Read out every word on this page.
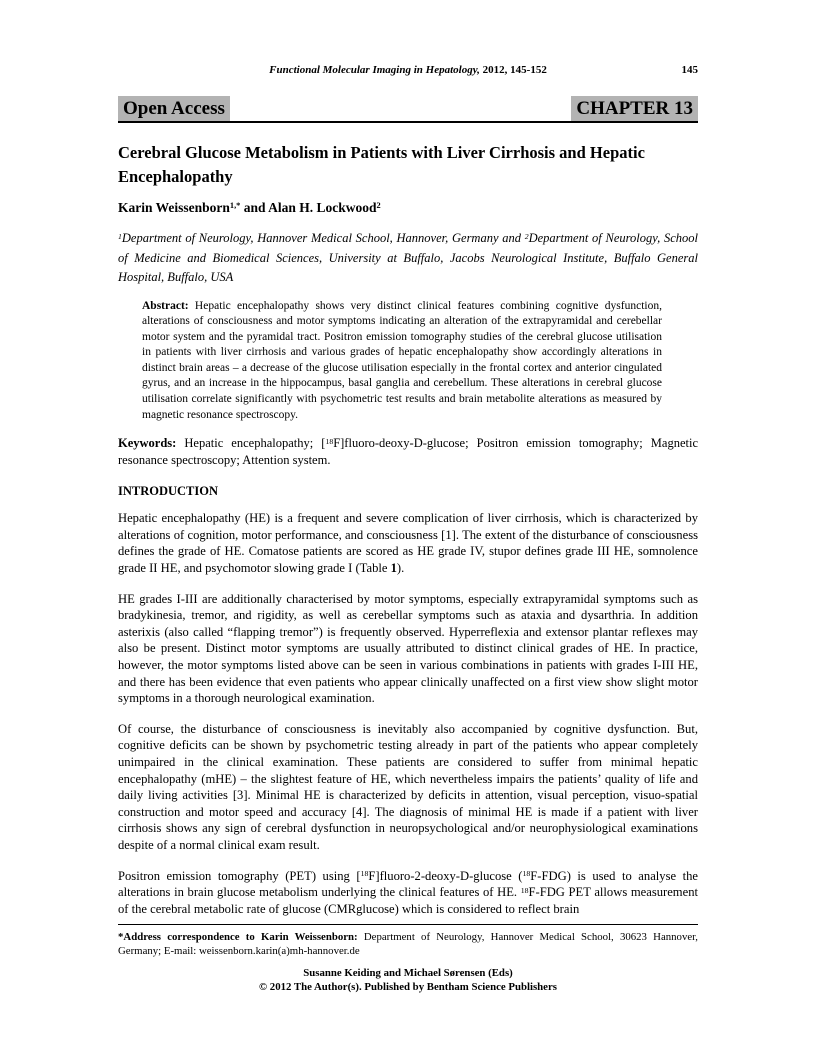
Functional Molecular Imaging in Hepatology, 2012, 145-152	145
Open Access	CHAPTER 13
Cerebral Glucose Metabolism in Patients with Liver Cirrhosis and Hepatic Encephalopathy
Karin Weissenborn$^{1,*}$ and Alan H. Lockwood$^2$
$^1$Department of Neurology, Hannover Medical School, Hannover, Germany and $^2$Department of Neurology, School of Medicine and Biomedical Sciences, University at Buffalo, Jacobs Neurological Institute, Buffalo General Hospital, Buffalo, USA
Abstract: Hepatic encephalopathy shows very distinct clinical features combining cognitive dysfunction, alterations of consciousness and motor symptoms indicating an alteration of the extrapyramidal and cerebellar motor system and the pyramidal tract. Positron emission tomography studies of the cerebral glucose utilisation in patients with liver cirrhosis and various grades of hepatic encephalopathy show accordingly alterations in distinct brain areas – a decrease of the glucose utilisation especially in the frontal cortex and anterior cingulated gyrus, and an increase in the hippocampus, basal ganglia and cerebellum. These alterations in cerebral glucose utilisation correlate significantly with psychometric test results and brain metabolite alterations as measured by magnetic resonance spectroscopy.
Keywords: Hepatic encephalopathy; [$^{18}$F]fluoro-deoxy-D-glucose; Positron emission tomography; Magnetic resonance spectroscopy; Attention system.
INTRODUCTION

Hepatic encephalopathy (HE) is a frequent and severe complication of liver cirrhosis, which is characterized by alterations of cognition, motor performance, and consciousness [1]. The extent of the disturbance of consciousness defines the grade of HE. Comatose patients are scored as HE grade IV, stupor defines grade III HE, somnolence grade II HE, and psychomotor slowing grade I (Table 1).

HE grades I-III are additionally characterised by motor symptoms, especially extrapyramidal symptoms such as bradykinesia, tremor, and rigidity, as well as cerebellar symptoms such as ataxia and dysarthria. In addition asterixis (also called “flapping tremor”) is frequently observed. Hyperreflexia and extensor plantar reflexes may also be present. Distinct motor symptoms are usually attributed to distinct clinical grades of HE. In practice, however, the motor symptoms listed above can be seen in various combinations in patients with grades I-III HE, and there has been evidence that even patients who appear clinically unaffected on a first view show slight motor symptoms in a thorough neurological examination.

Of course, the disturbance of consciousness is inevitably also accompanied by cognitive dysfunction. But, cognitive deficits can be shown by psychometric testing already in part of the patients who appear completely unimpaired in the clinical examination. These patients are considered to suffer from minimal hepatic encephalopathy (mHE) – the slightest feature of HE, which nevertheless impairs the patients’ quality of life and daily living activities [3]. Minimal HE is characterized by deficits in attention, visual perception, visuo-spatial construction and motor speed and accuracy [4]. The diagnosis of minimal HE is made if a patient with liver cirrhosis shows any sign of cerebral dysfunction in neuropsychological and/or neurophysiological examinations despite of a normal clinical exam result.

Positron emission tomography (PET) using [$^{18}$F]fluoro-2-deoxy-D-glucose ($^{18}$F-FDG) is used to analyse the alterations in brain glucose metabolism underlying the clinical features of HE. $^{18}$F-FDG PET allows measurement of the cerebral metabolic rate of glucose (CMRglucose) which is considered to reflect brain

*Address correspondence to Karin Weissenborn: Department of Neurology, Hannover Medical School, 30623 Hannover, Germany; E-mail: weissenborn.karin(a)mh-hannover.de
Susanne Keiding and Michael Sørensen (Eds)
© 2012 The Author(s). Published by Bentham Science Publishers
